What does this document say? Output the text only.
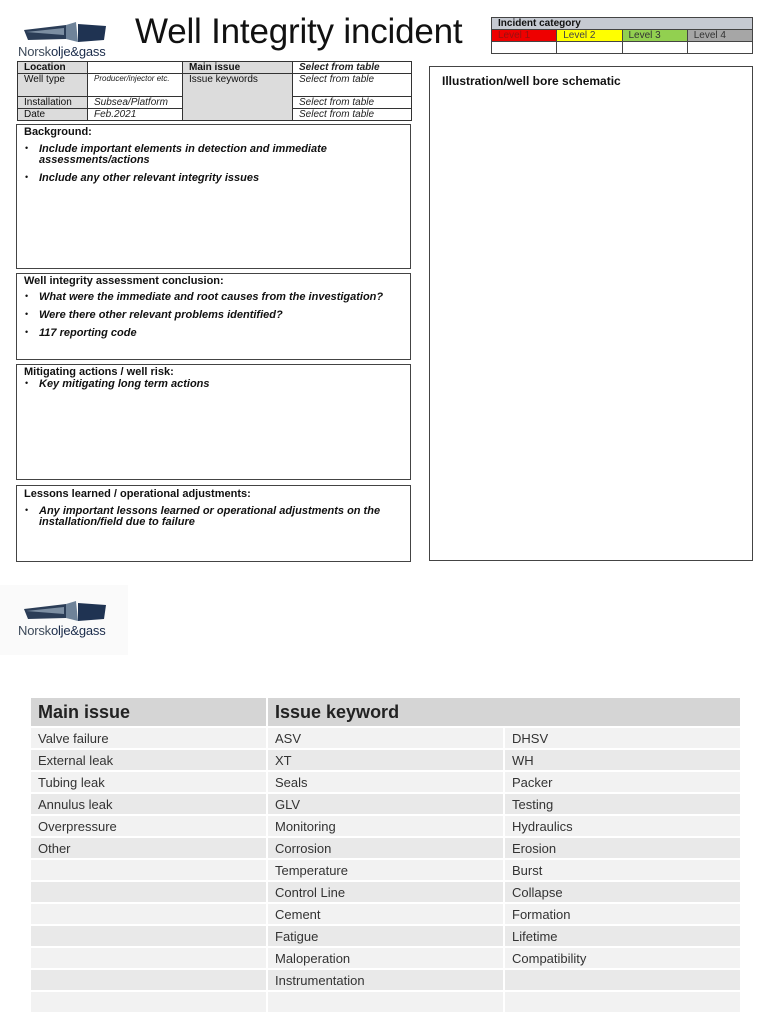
Norskolje&gass
Well Integrity incident	Incident category			
Level 1	Level 2	Level 3	Level 4

Location		Main issue	Select from table
Well type	Producer/injector etc.	Issue keywords	Select from table
Installation	Subsea/Platform		Select from table
Date	Feb.2021		Select from table
Background:
• Include important elements in detection and immediate assessments/actions
• Include any other relevant integrity issues
Well integrity assessment conclusion:
• What were the immediate and root causes from the investigation?
• Were there other relevant problems identified?
• 117 reporting code
Mitigating actions / well risk:
• Key mitigating long term actions
Lessons learned / operational adjustments:
• Any important lessons learned or operational adjustments on the installation/field due to failure
Illustration/well bore schematic
Norskolje&gass
Main issue	Issue keyword	
Valve failure	ASV	DHSV
External leak	XT	WH
Tubing leak	Seals	Packer
Annulus leak	GLV	Testing
Overpressure	Monitoring	Hydraulics
Other	Corrosion	Erosion
	Temperature	Burst
	Control Line	Collapse
	Cement	Formation
	Fatigue	Lifetime
	Maloperation	Compatibility
	Instrumentation	
